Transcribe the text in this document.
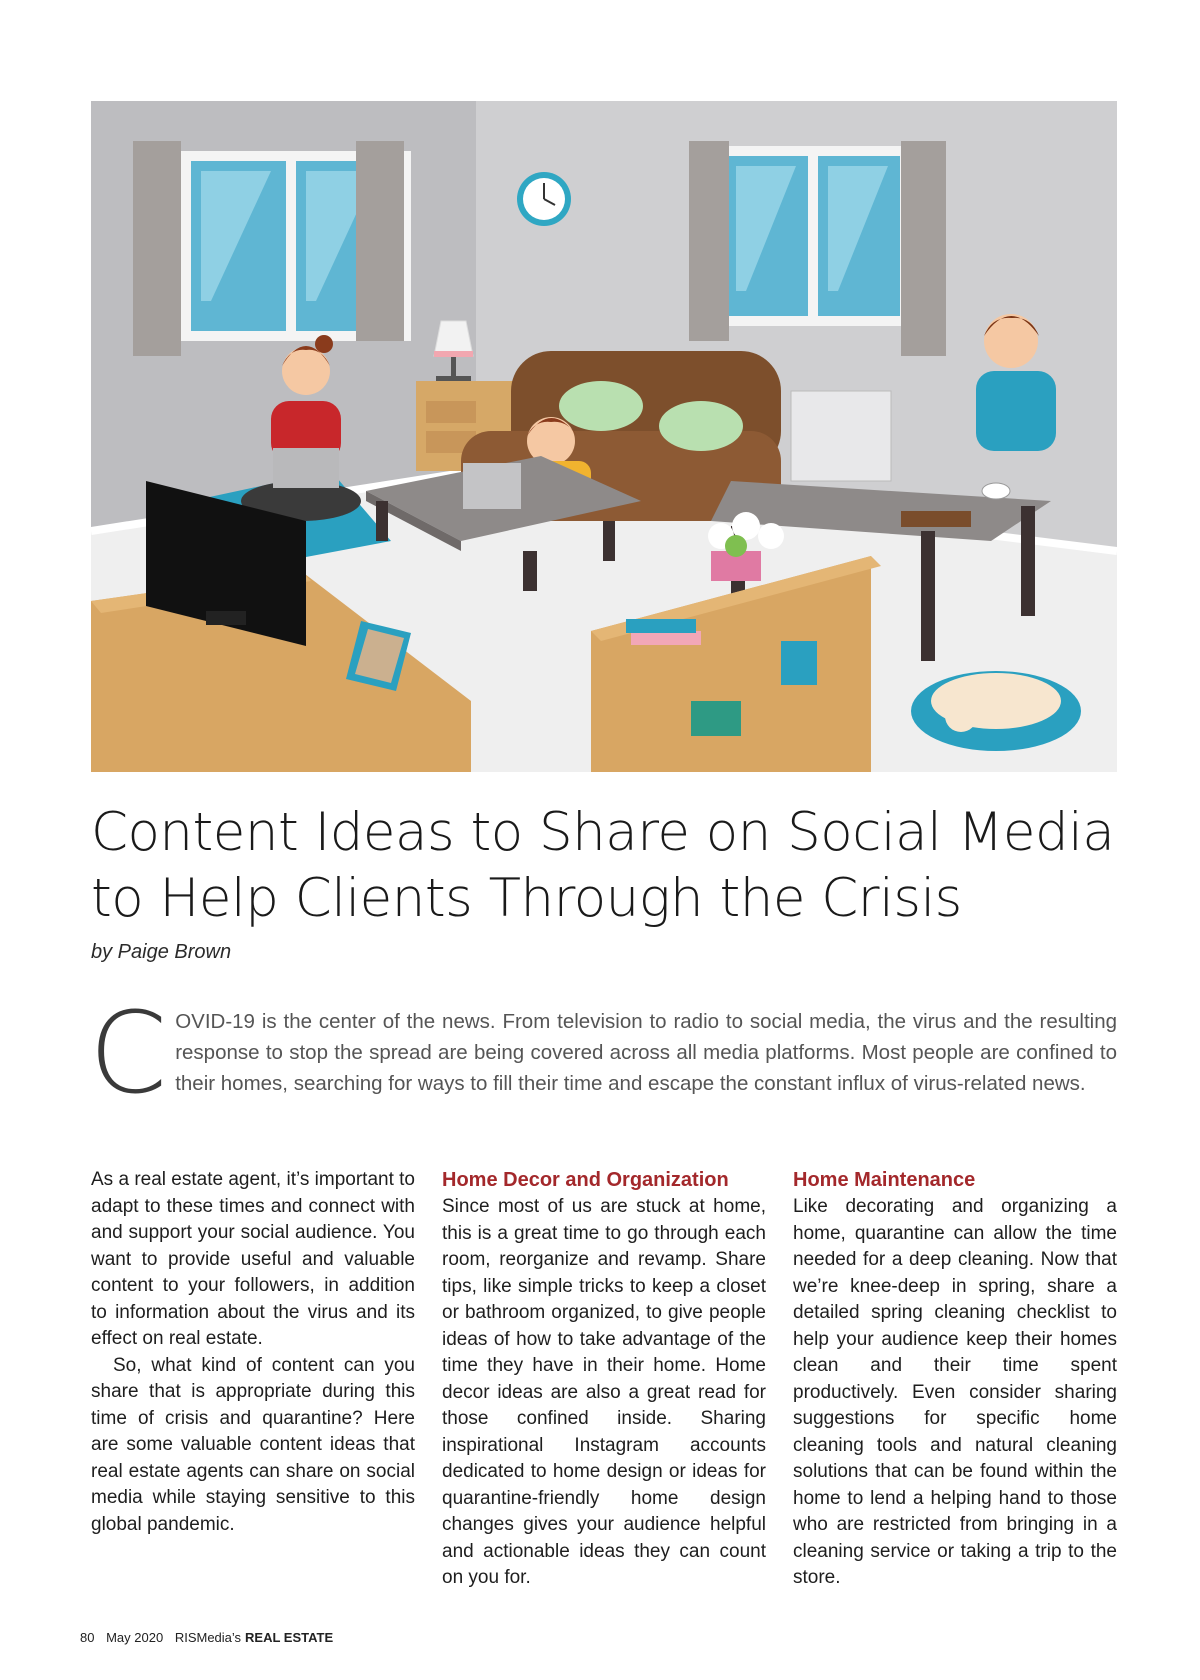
Content Ideas to Share on Social Media to Help Clients Through the Crisis
by Paige Brown

COVID-19 is the center of the news. From television to radio to social media, the virus and the resulting response to stop the spread are being covered across all media platforms. Most people are confined to their homes, searching for ways to fill their time and escape the constant influx of virus-related news.

As a real estate agent, it’s important to adapt to these times and connect with and support your social audience. You want to provide useful and valuable content to your followers, in addition to information about the virus and its effect on real estate.

So, what kind of content can you share that is appropriate during this time of crisis and quarantine? Here are some valuable content ideas that real estate agents can share on social media while staying sensitive to this global pandemic.

Home Decor and Organization

Since most of us are stuck at home, this is a great time to go through each room, reorganize and revamp. Share tips, like simple tricks to keep a closet or bathroom organized, to give people ideas of how to take advantage of the time they have in their home. Home decor ideas are also a great read for those confined inside. Sharing inspirational Instagram accounts dedicated to home design or ideas for quarantine-friendly home design changes gives your audience helpful and actionable ideas they can count on you for.

Home Maintenance

Like decorating and organizing a home, quarantine can allow the time needed for a deep cleaning. Now that we’re knee-deep in spring, share a detailed spring cleaning checklist to help your audience keep their homes clean and their time spent productively. Even consider sharing suggestions for specific home cleaning tools and natural cleaning solutions that can be found within the home to lend a helping hand to those who are restricted from bringing in a cleaning service or taking a trip to the store.

80 May 2020 RISMedia’s REAL ESTATE
